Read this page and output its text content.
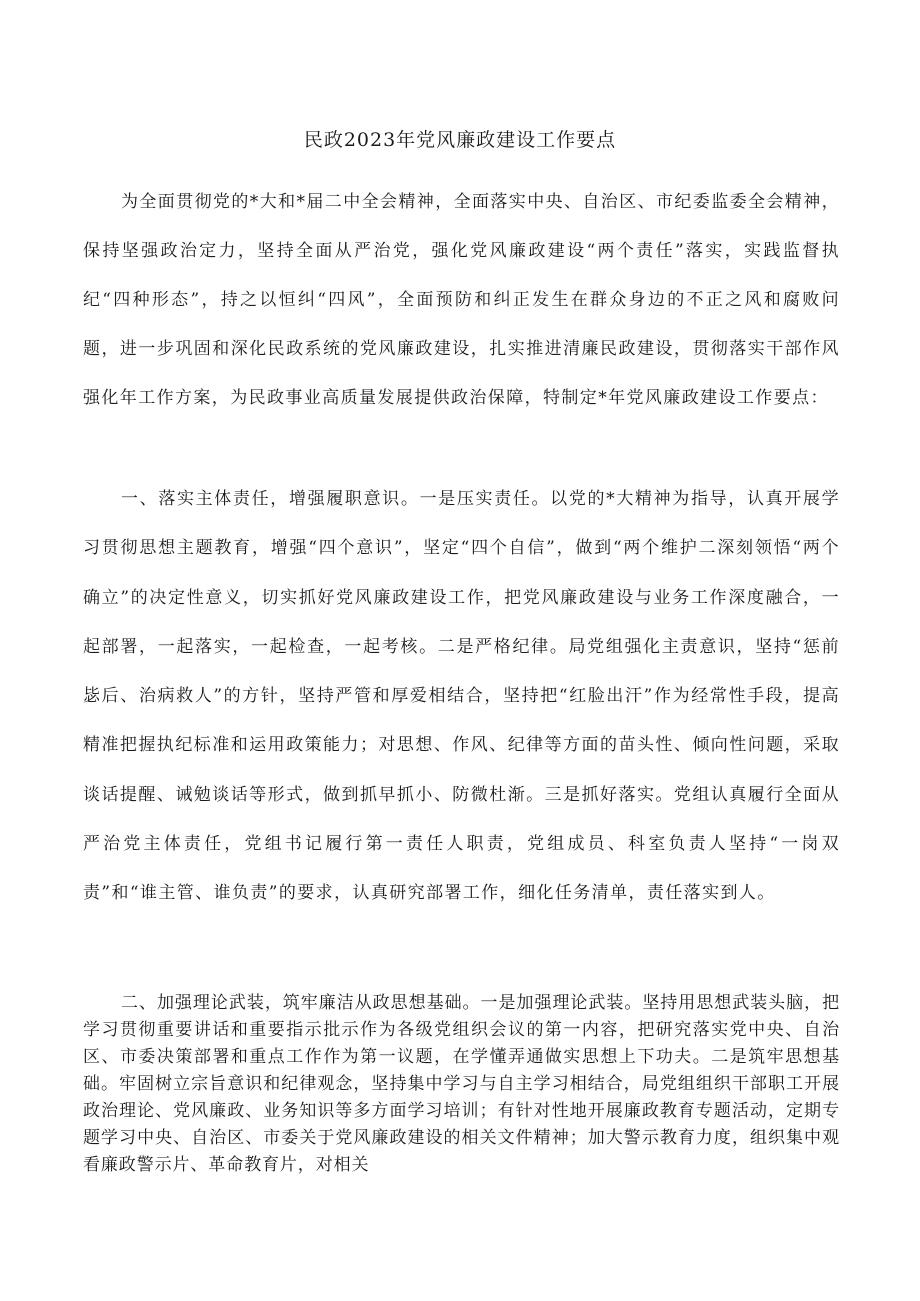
民政2023年党风廉政建设工作要点

为全面贯彻党的*大和*届二中全会精神，全面落实中央、自治区、市纪委监委全会精神，保持坚强政治定力，坚持全面从严治党，强化党风廉政建设“两个责任”落实，实践监督执纪“四种形态”，持之以恒纠“四风”，全面预防和纠正发生在群众身边的不正之风和腐败问题，进一步巩固和深化民政系统的党风廉政建设，扎实推进清廉民政建设，贯彻落实干部作风强化年工作方案，为民政事业高质量发展提供政治保障，特制定*年党风廉政建设工作要点：

一、落实主体责任，增强履职意识。一是压实责任。以党的*大精神为指导，认真开展学习贯彻思想主题教育，增强“四个意识”，坚定“四个自信”，做到“两个维护二深刻领悟“两个确立”的决定性意义，切实抓好党风廉政建设工作，把党风廉政建设与业务工作深度融合，一起部署，一起落实，一起检查，一起考核。二是严格纪律。局党组强化主责意识，坚持“惩前毖后、治病救人”的方针，坚持严管和厚爱相结合，坚持把“红脸出汗”作为经常性手段，提高精准把握执纪标准和运用政策能力；对思想、作风、纪律等方面的苗头性、倾向性问题，采取谈话提醒、诫勉谈话等形式，做到抓早抓小、防微杜渐。三是抓好落实。党组认真履行全面从严治党主体责任，党组书记履行第一责任人职责，党组成员、科室负责人坚持“一岗双责”和“谁主管、谁负责”的要求，认真研究部署工作，细化任务清单，责任落实到人。

二、加强理论武装，筑牢廉洁从政思想基础。一是加强理论武装。坚持用思想武装头脑，把学习贯彻重要讲话和重要指示批示作为各级党组织会议的第一内容，把研究落实党中央、自治区、市委决策部署和重点工作作为第一议题，在学懂弄通做实思想上下功夫。二是筑牢思想基础。牢固树立宗旨意识和纪律观念，坚持集中学习与自主学习相结合，局党组组织干部职工开展政治理论、党风廉政、业务知识等多方面学习培训；有针对性地开展廉政教育专题活动，定期专题学习中央、自治区、市委关于党风廉政建设的相关文件精神；加大警示教育力度，组织集中观看廉政警示片、革命教育片，对相关
